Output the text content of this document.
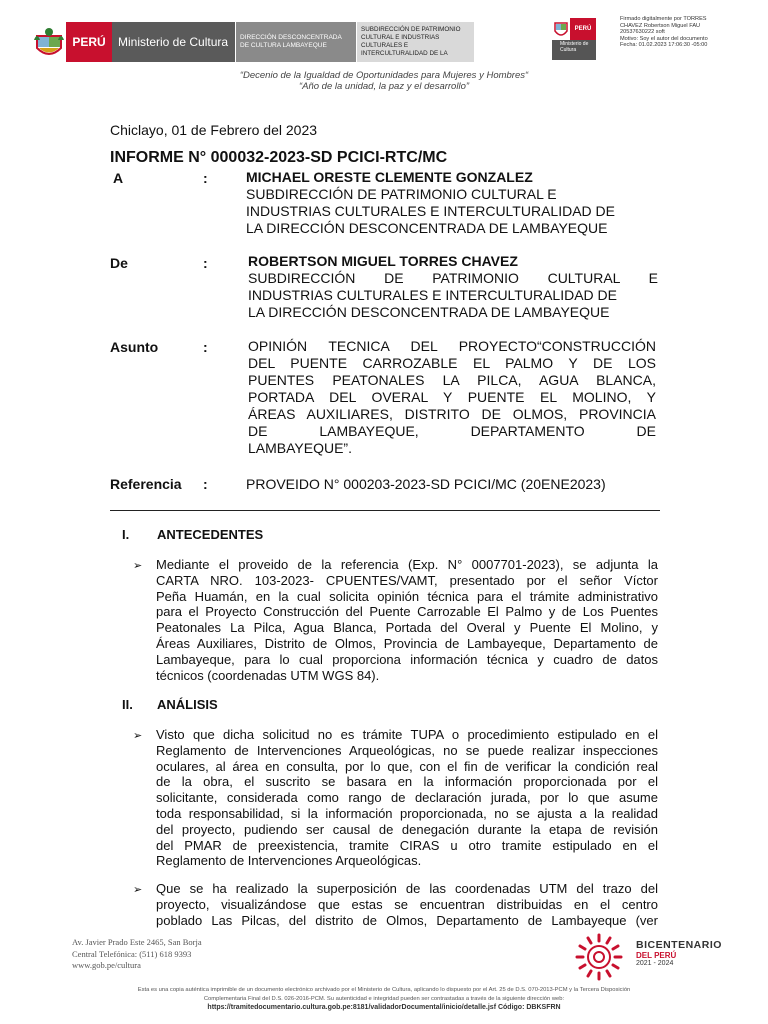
PERÚ	Ministerio de Cultura	DIRECCIÓN DESCONCENTRADA DE CULTURA LAMBAYEQUE
SUBDIRECCIÓN DE PATRIMONIO CULTURAL E INDUSTRIAS CULTURALES E INTERCULTURALIDAD DE LA
PERÚ
Ministerio de Cultura
Firmado digitalmente por TORRES
CHAVEZ Robertson Miguel FAU
20537630222 soft
Motivo: Soy el autor del documento
Fecha: 01.02.2023 17:06:30 -05:00
“Decenio de la Igualdad de Oportunidades para Mujeres y Hombres“
“Año de la unidad, la paz y el desarrollo”
Chiclayo, 01 de Febrero del 2023
INFORME N° 000032-2023-SD PCICI-RTC/MC
A	:	MICHAEL ORESTE CLEMENTE GONZALEZ
SUBDIRECCIÓN DE PATRIMONIO CULTURAL E
INDUSTRIAS CULTURALES E INTERCULTURALIDAD DE
LA DIRECCIÓN DESCONCENTRADA DE LAMBAYEQUE
De	:	ROBERTSON MIGUEL TORRES CHAVEZ
SUBDIRECCIÓN DE PATRIMONIO CULTURAL E
INDUSTRIAS CULTURALES E INTERCULTURALIDAD DE
LA DIRECCIÓN DESCONCENTRADA DE LAMBAYEQUE
Asunto	:	OPINIÓN TECNICA DEL PROYECTO“CONSTRUCCIÓN
DEL PUENTE CARROZABLE EL PALMO Y DE LOS
PUENTES PEATONALES LA PILCA, AGUA BLANCA,
PORTADA DEL OVERAL Y PUENTE EL MOLINO, Y
ÁREAS AUXILIARES, DISTRITO DE OLMOS, PROVINCIA
DE LAMBAYEQUE, DEPARTAMENTO DE
LAMBAYEQUE”.
Referencia :	PROVEIDO N° 000203-2023-SD PCICI/MC (20ENE2023)
I. ANTECEDENTES
➢ Mediante el proveido de la referencia (Exp. N° 0007701-2023), se adjunta la
CARTA NRO. 103-2023- CPUENTES/VAMT, presentado por el señor Víctor
Peña Huamán, en la cual solicita opinión técnica para el trámite administrativo
para el Proyecto Construcción del Puente Carrozable El Palmo y de Los Puentes
Peatonales La Pilca, Agua Blanca, Portada del Overal y Puente El Molino, y
Áreas Auxiliares, Distrito de Olmos, Provincia de Lambayeque, Departamento de
Lambayeque, para lo cual proporciona información técnica y cuadro de datos
técnicos (coordenadas UTM WGS 84).
II. ANÁLISIS
➢ Visto que dicha solicitud no es trámite TUPA o procedimiento estipulado en el
Reglamento de Intervenciones Arqueológicas, no se puede realizar inspecciones
oculares, al área en consulta, por lo que, con el fin de verificar la condición real
de la obra, el suscrito se basara en la información proporcionada por el
solicitante, considerada como rango de declaración jurada, por lo que asume
toda responsabilidad, si la información proporcionada, no se ajusta a la realidad
del proyecto, pudiendo ser causal de denegación durante la etapa de revisión
del PMAR de preexistencia, tramite CIRAS u otro tramite estipulado en el
Reglamento de Intervenciones Arqueológicas.
➢ Que se ha realizado la superposición de las coordenadas UTM del trazo del
proyecto, visualizándose que estas se encuentran distribuidas en el centro
poblado Las Pilcas, del distrito de Olmos, Departamento de Lambayeque (ver
Av. Javier Prado Este 2465, San Borja
Central Telefónica: (511) 618 9393
www.gob.pe/cultura
BICENTENARIO
DEL PERÚ
2021 - 2024
Esta es una copia auténtica imprimible de un documento electrónico archivado por el Ministerio de Cultura, aplicando lo dispuesto por el Art. 25 de D.S. 070-2013-PCM y la Tercera Disposición
Complementaria Final del D.S. 026-2016-PCM. Su autenticidad e integridad pueden ser contrastadas a través de la siguiente dirección web:
https://tramitedocumentario.cultura.gob.pe:8181/validadorDocumental/inicio/detalle.jsf Código: DBKSFRN
